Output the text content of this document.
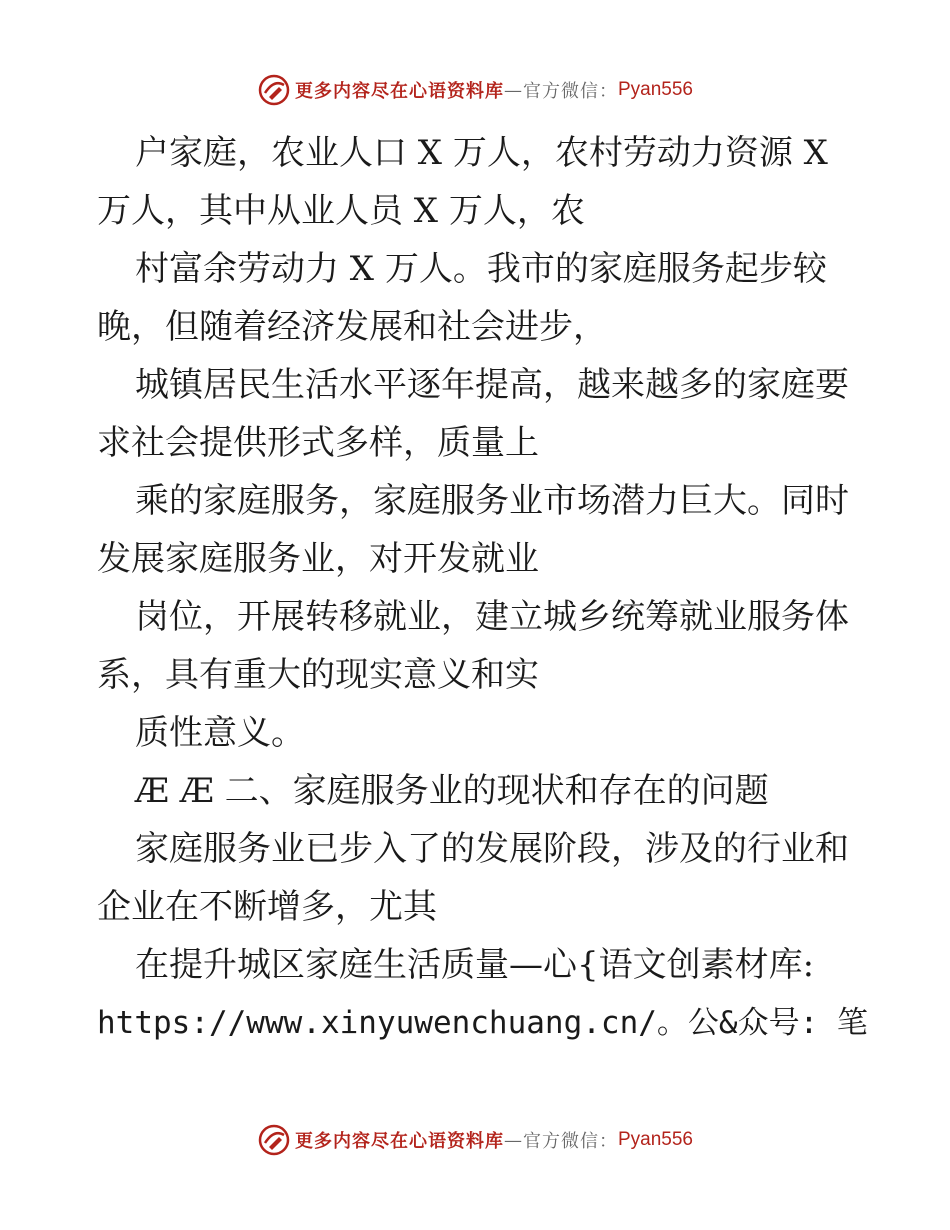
更多内容尽在心语资料库 — 官方微信： Pyan556
户家庭，农业人口 X 万人，农村劳动力资源 X
万人，其中从业人员 X 万人，农
村富余劳动力 X 万人。我市的家庭服务起步较
晚，但随着经济发展和社会进步，
城镇居民生活水平逐年提高，越来越多的家庭要
求社会提供形式多样，质量上
乘的家庭服务，家庭服务业市场潜力巨大。同时
发展家庭服务业，对开发就业
岗位，开展转移就业，建立城乡统筹就业服务体
系，具有重大的现实意义和实
质性意义。
Æ Æ 二、家庭服务业的现状和存在的问题
家庭服务业已步入了的发展阶段，涉及的行业和
企业在不断增多，尤其
在提升城区家庭生活质量—心{语文创素材库:
https://www.xinyuwenchuang.cn/。公&众号: 笔
更多内容尽在心语资料库 — 官方微信： Pyan556
